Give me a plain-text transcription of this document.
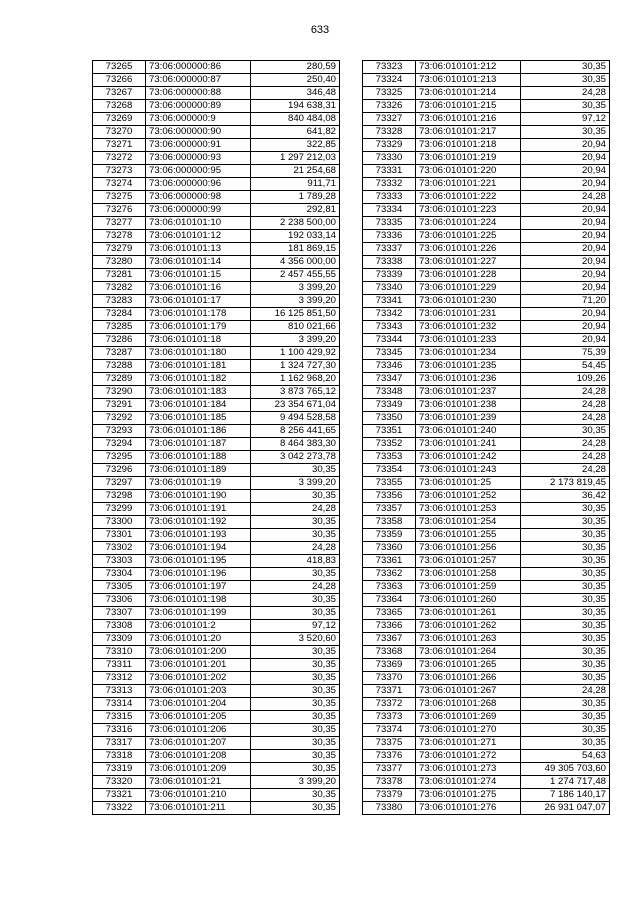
633
73265	73:06:000000:86	280,59
73266	73:06:000000:87	250,40
73267	73:06:000000:88	346,48
73268	73:06:000000:89	194 638,31
73269	73:06:000000:9	840 484,08
73270	73:06:000000:90	641,82
73271	73:06:000000:91	322,85
73272	73:06:000000:93	1 297 212,03
73273	73:06:000000:95	21 254,68
73274	73:06:000000:96	911,71
73275	73:06:000000:98	1 789,28
73276	73:06:000000:99	292,81
73277	73:06:010101:10	2 238 500,00
73278	73:06:010101:12	192 033,14
73279	73:06:010101:13	181 869,15
73280	73:06:010101:14	4 356 000,00
73281	73:06:010101:15	2 457 455,55
73282	73:06:010101:16	3 399,20
73283	73:06:010101:17	3 399,20
73284	73:06:010101:178	16 125 851,50
73285	73:06:010101:179	810 021,66
73286	73:06:010101:18	3 399,20
73287	73:06:010101:180	1 100 429,92
73288	73:06:010101:181	1 324 727,30
73289	73:06:010101:182	1 162 968,20
73290	73:06:010101:183	3 873 765,12
73291	73:06:010101:184	23 354 671,04
73292	73:06:010101:185	9 494 528,58
73293	73:06:010101:186	8 256 441,65
73294	73:06:010101:187	8 464 383,30
73295	73:06:010101:188	3 042 273,78
73296	73:06:010101:189	30,35
73297	73:06:010101:19	3 399,20
73298	73:06:010101:190	30,35
73299	73:06:010101:191	24,28
73300	73:06:010101:192	30,35
73301	73:06:010101:193	30,35
73302	73:06:010101:194	24,28
73303	73:06:010101:195	418,83
73304	73:06:010101:196	30,35
73305	73:06:010101:197	24,28
73306	73:06:010101:198	30,35
73307	73:06:010101:199	30,35
73308	73:06:010101:2	97,12
73309	73:06:010101:20	3 520,60
73310	73:06:010101:200	30,35
73311	73:06:010101:201	30,35
73312	73:06:010101:202	30,35
73313	73:06:010101:203	30,35
73314	73:06:010101:204	30,35
73315	73:06:010101:205	30,35
73316	73:06:010101:206	30,35
73317	73:06:010101:207	30,35
73318	73:06:010101:208	30,35
73319	73:06:010101:209	30,35
73320	73:06:010101:21	3 399,20
73321	73:06:010101:210	30,35
73322	73:06:010101:211	30,35
73323	73:06:010101:212	30,35
73324	73:06:010101:213	30,35
73325	73:06:010101:214	24,28
73326	73:06:010101:215	30,35
73327	73:06:010101:216	97,12
73328	73:06:010101:217	30,35
73329	73:06:010101:218	20,94
73330	73:06:010101:219	20,94
73331	73:06:010101:220	20,94
73332	73:06:010101:221	20,94
73333	73:06:010101:222	24,28
73334	73:06:010101:223	20,94
73335	73:06:010101:224	20,94
73336	73:06:010101:225	20,94
73337	73:06:010101:226	20,94
73338	73:06:010101:227	20,94
73339	73:06:010101:228	20,94
73340	73:06:010101:229	20,94
73341	73:06:010101:230	71,20
73342	73:06:010101:231	20,94
73343	73:06:010101:232	20,94
73344	73:06:010101:233	20,94
73345	73:06:010101:234	75,39
73346	73:06:010101:235	54,45
73347	73:06:010101:236	109,26
73348	73:06:010101:237	24,28
73349	73:06:010101:238	24,28
73350	73:06:010101:239	24,28
73351	73:06:010101:240	30,35
73352	73:06:010101:241	24,28
73353	73:06:010101:242	24,28
73354	73:06:010101:243	24,28
73355	73:06:010101:25	2 173 819,45
73356	73:06:010101:252	36,42
73357	73:06:010101:253	30,35
73358	73:06:010101:254	30,35
73359	73:06:010101:255	30,35
73360	73:06:010101:256	30,35
73361	73:06:010101:257	30,35
73362	73:06:010101:258	30,35
73363	73:06:010101:259	30,35
73364	73:06:010101:260	30,35
73365	73:06:010101:261	30,35
73366	73:06:010101:262	30,35
73367	73:06:010101:263	30,35
73368	73:06:010101:264	30,35
73369	73:06:010101:265	30,35
73370	73:06:010101:266	30,35
73371	73:06:010101:267	24,28
73372	73:06:010101:268	30,35
73373	73:06:010101:269	30,35
73374	73:06:010101:270	30,35
73375	73:06:010101:271	30,35
73376	73:06:010101:272	54,63
73377	73:06:010101:273	49 305 703,60
73378	73:06:010101:274	1 274 717,48
73379	73:06:010101:275	7 186 140,17
73380	73:06:010101:276	26 931 047,07
